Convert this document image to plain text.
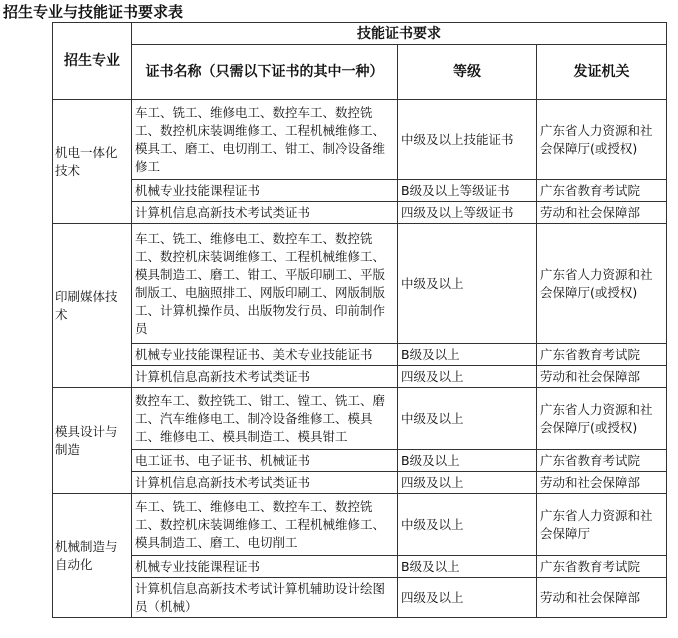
招生专业与技能证书要求表
招生专业	技能证书要求		
	证书名称（只需以下证书的其中一种）	等级	发证机关
机电一体化技术	车工、铣工、维修电工、数控车工、数控铣工、数控机床装调维修工、工程机械维修工、模具工、磨工、电切削工、钳工、制冷设备维修工	中级及以上技能证书	广东省人力资源和社会保障厅(或授权)
	机械专业技能课程证书	B级及以上等级证书	广东省教育考试院
	计算机信息高新技术考试类证书	四级及以上等级证书	劳动和社会保障部
印刷媒体技术	车工、铣工、维修电工、数控车工、数控铣工、数控机床装调维修工、工程机械维修工、模具制造工、磨工、钳工、平版印刷工、平版制版工、电脑照排工、网版印刷工、网版制版工、计算机操作员、出版物发行员、印前制作员	中级及以上	广东省人力资源和社会保障厅(或授权)
	机械专业技能课程证书、美术专业技能证书	B级及以上	广东省教育考试院
	计算机信息高新技术考试类证书	四级及以上	劳动和社会保障部
模具设计与制造	数控车工、数控铣工、钳工、镗工、铣工、磨工、汽车维修电工、制冷设备维修工、模具工、维修电工、模具制造工、模具钳工	中级及以上	广东省人力资源和社会保障厅(或授权)
	电工证书、电子证书、机械证书	B级及以上	广东省教育考试院
	计算机信息高新技术考试类证书	四级及以上	劳动和社会保障部
机械制造与自动化	车工、铣工、维修电工、数控车工、数控铣工、数控机床装调维修工、工程机械维修工、模具制造工、磨工、电切削工	中级及以上	广东省人力资源和社会保障厅
	机械专业技能课程证书	B级及以上	广东省教育考试院
	计算机信息高新技术考试计算机辅助设计绘图员（机械）	四级及以上	劳动和社会保障部
